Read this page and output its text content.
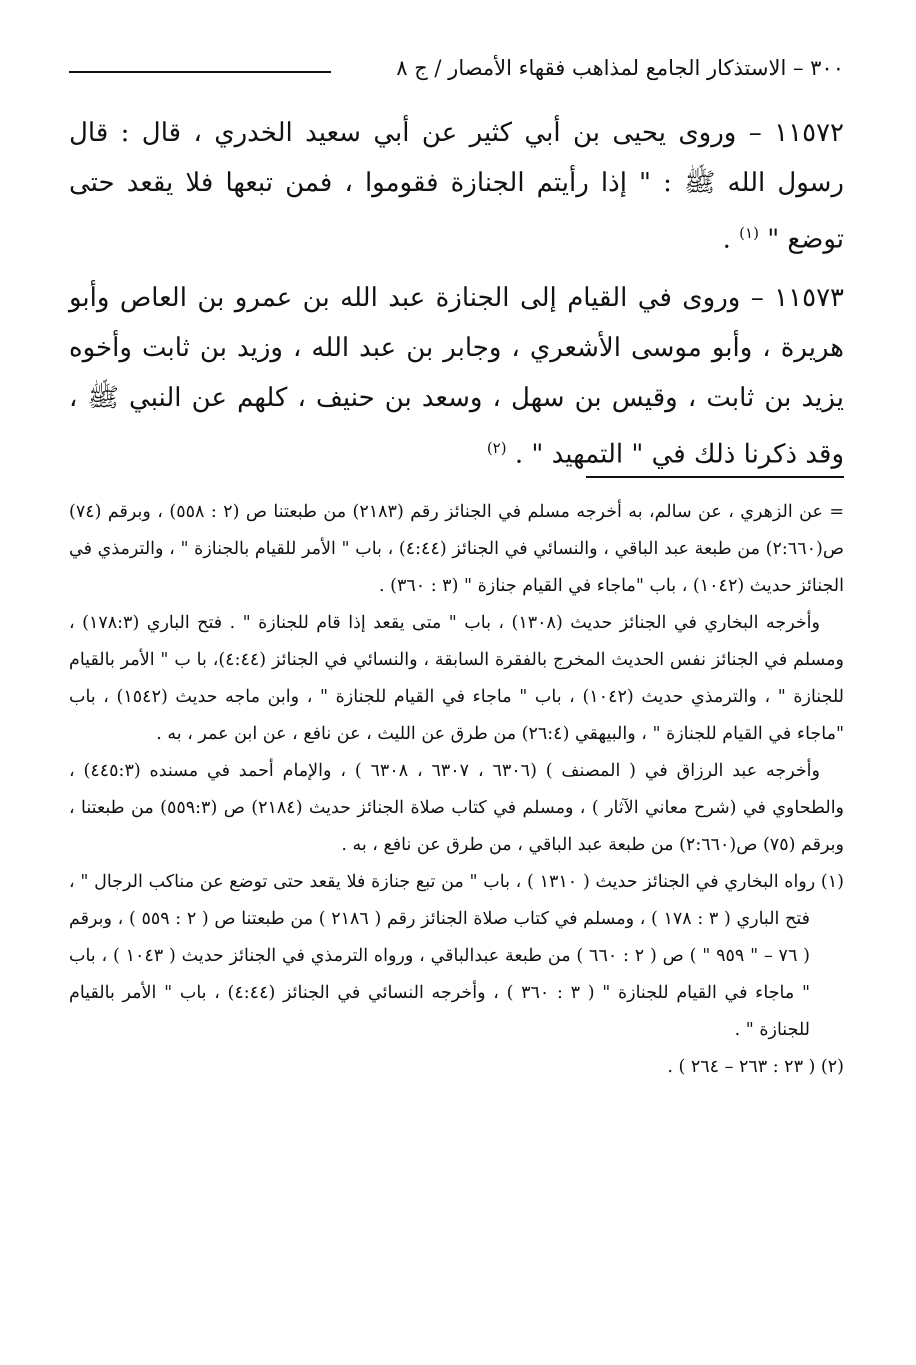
٣٠٠ – الاستذكار الجامع لمذاهب فقهاء الأمصار / ج ٨

١١٥٧٢ – وروى يحيى بن أبي كثير عن أبي سعيد الخدري ، قال : قال رسول الله ﷺ : " إذا رأيتم الجنازة فقوموا ، فمن تبعها فلا يقعد حتى توضع " $^{(١)}$ .

١١٥٧٣ – وروى في القيام إلى الجنازة عبد الله بن عمرو بن العاص وأبو هريرة ، وأبو موسى الأشعري ، وجابر بن عبد الله ، وزيد بن ثابت وأخوه يزيد بن ثابت ، وقيس بن سهل ، وسعد بن حنيف ، كلهم عن النبي ﷺ ، وقد ذكرنا ذلك في " التمهيد " . $^{(٢)}$

= عن الزهري ، عن سالم، به أخرجه مسلم في الجنائز رقم (٢١٨٣) من طبعتنا ص (٢ : ٥٥٨) ، وبرقم (٧٤) ص(٢:٦٦٠) من طبعة عبد الباقي ، والنسائي في الجنائز (٤:٤٤) ، باب " الأمر للقيام بالجنازة " ، والترمذي في الجنائز حديث (١٠٤٢) ، باب "ماجاء في القيام جنازة " (٣ : ٣٦٠) .

وأخرجه البخاري في الجنائز حديث (١٣٠٨) ، باب " متى يقعد إذا قام للجنازة " . فتح الباري (١٧٨:٣) ، ومسلم في الجنائز نفس الحديث المخرج بالفقرة السابقة ، والنسائي في الجنائز (٤:٤٤)، با ب " الأمر بالقيام للجنازة " ، والترمذي حديث (١٠٤٢) ، باب " ماجاء في القيام للجنازة " ، وابن ماجه حديث (١٥٤٢) ، باب "ماجاء في القيام للجنازة " ، والبيهقي (٢٦:٤) من طرق عن الليث ، عن نافع ، عن ابن عمر ، به .

وأخرجه عبد الرزاق في ( المصنف ) (٦٣٠٦ ، ٦٣٠٧ ، ٦٣٠٨ ) ، والإمام أحمد في مسنده (٤٤٥:٣) ، والطحاوي في (شرح معاني الآثار ) ، ومسلم في كتاب صلاة الجنائز حديث (٢١٨٤) ص (٥٥٩:٣) من طبعتنا ، وبرقم (٧٥) ص(٢:٦٦٠) من طبعة عبد الباقي ، من طرق عن نافع ، به .

(١) رواه البخاري في الجنائز حديث ( ١٣١٠ ) ، باب " من تبع جنازة فلا يقعد حتى توضع عن مناكب الرجال " ، فتح الباري ( ٣ : ١٧٨ ) ، ومسلم في كتاب صلاة الجنائز رقم ( ٢١٨٦ ) من طبعتنا ص ( ٢ : ٥٥٩ ) ، وبرقم ( ٧٦ – " ٩٥٩ " ) ص ( ٢ : ٦٦٠ ) من طبعة عبدالباقي ، ورواه الترمذي في الجنائز حديث ( ١٠٤٣ ) ، باب " ماجاء في القيام للجنازة " ( ٣ : ٣٦٠ ) ، وأخرجه النسائي في الجنائز (٤:٤٤) ، باب " الأمر بالقيام للجنازة " .

(٢) ( ٢٣ : ٢٦٣ – ٢٦٤ ) .
